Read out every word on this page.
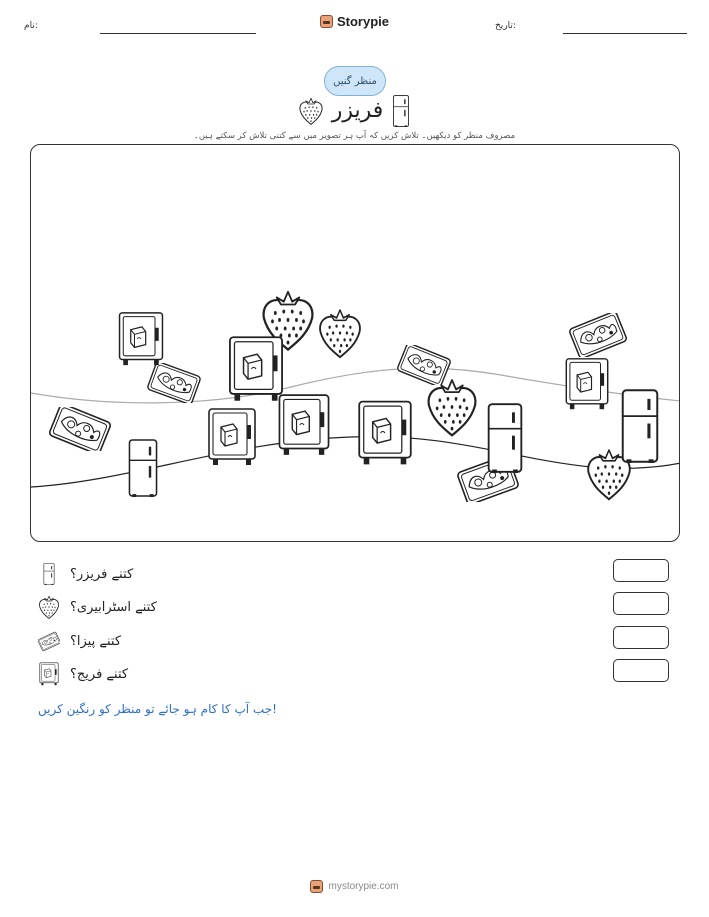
تاریخ:
نام:	Storypie
منظر گنیں
فریزر
مصروف منظر کو دیکھیں۔ تلاش کریں کہ آپ ہر تصویر میں سے کتنی تلاش کر سکتے ہیں۔
کتنے فریزر؟
کتنے اسٹرابیری؟
کتنے پیزا؟
کتنے فریج؟
جب آپ کا کام ہو جائے تو منظر کو رنگین کریں!
mystorypie.com
